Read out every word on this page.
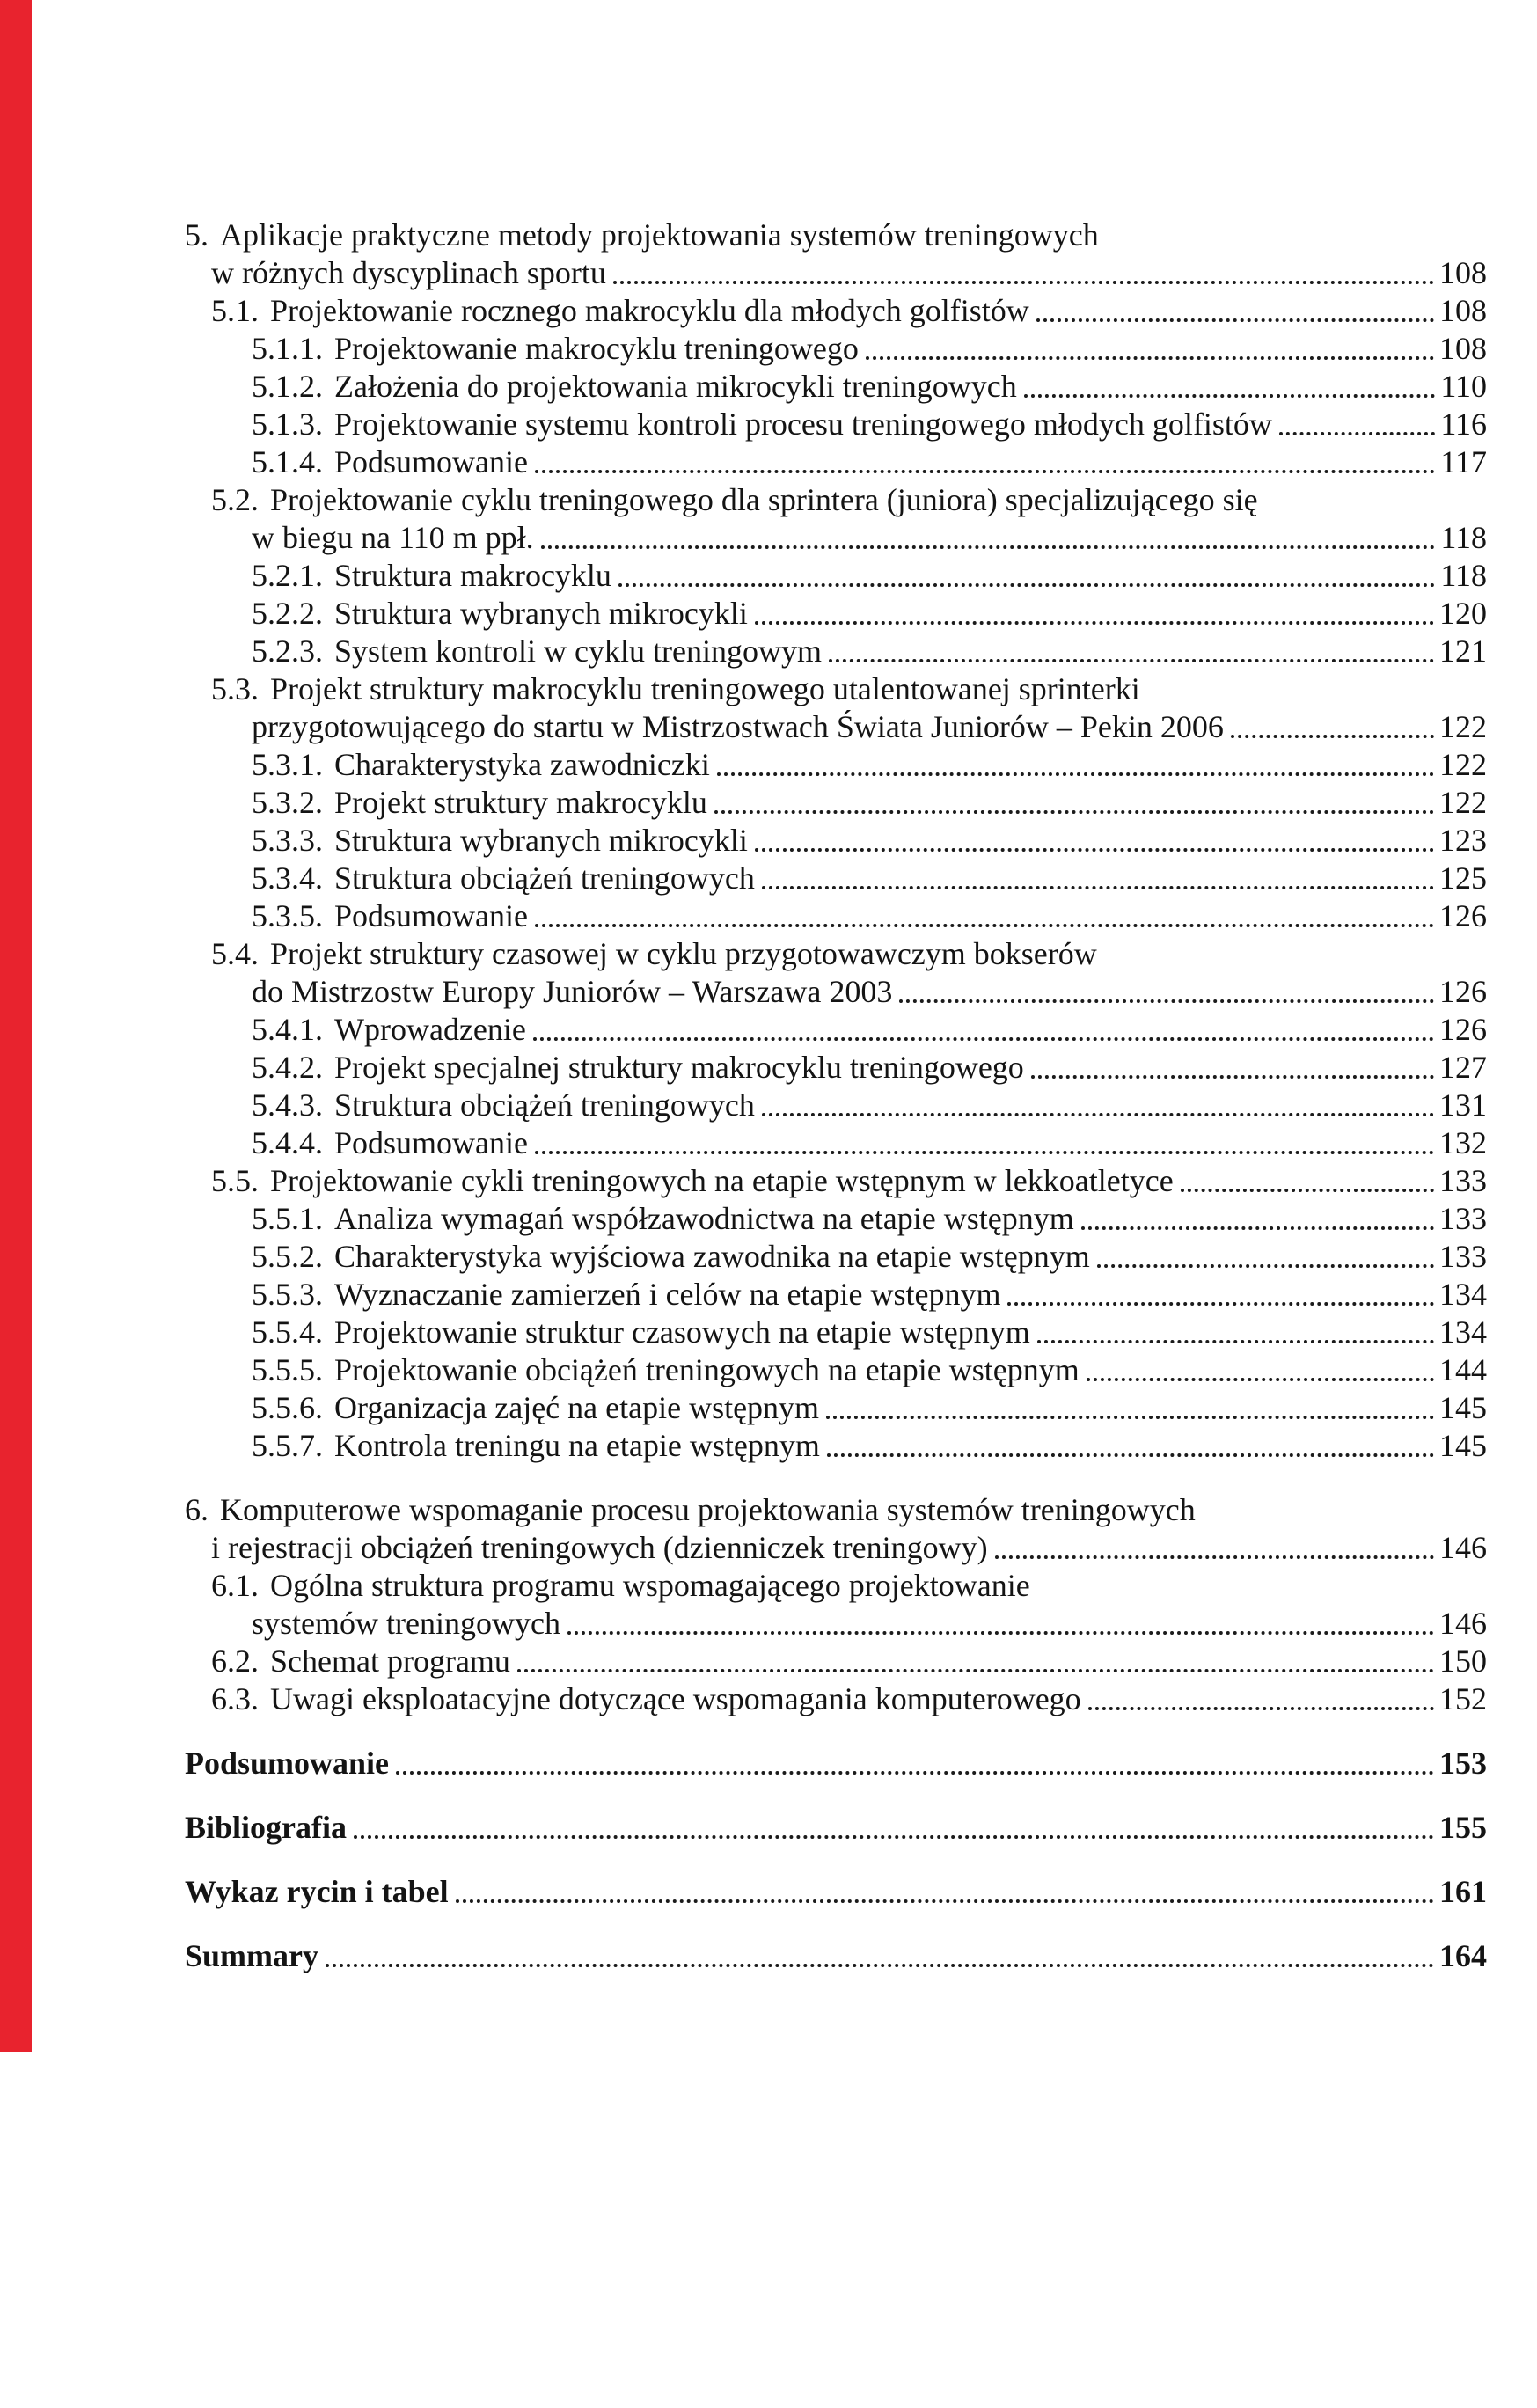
5. Aplikacje praktyczne metody projektowania systemów treningowych
w różnych dyscyplinach sportu	108
5.1. Projektowanie rocznego makrocyklu dla młodych golfistów	108
5.1.1. Projektowanie makrocyklu treningowego	108
5.1.2. Założenia do projektowania mikrocykli treningowych	110
5.1.3. Projektowanie systemu kontroli procesu treningowego młodych golfistów	116
5.1.4. Podsumowanie	117
5.2. Projektowanie cyklu treningowego dla sprintera (juniora) specjalizującego się
w biegu na 110 m ppł.	118
5.2.1. Struktura makrocyklu	118
5.2.2. Struktura wybranych mikrocykli	120
5.2.3. System kontroli w cyklu treningowym	121
5.3. Projekt struktury makrocyklu treningowego utalentowanej sprinterki
przygotowującego do startu w Mistrzostwach Świata Juniorów – Pekin 2006	122
5.3.1. Charakterystyka zawodniczki	122
5.3.2. Projekt struktury makrocyklu	122
5.3.3. Struktura wybranych mikrocykli	123
5.3.4. Struktura obciążeń treningowych	125
5.3.5. Podsumowanie	126
5.4. Projekt struktury czasowej w cyklu przygotowawczym bokserów
do Mistrzostw Europy Juniorów – Warszawa 2003	126
5.4.1. Wprowadzenie	126
5.4.2. Projekt specjalnej struktury makrocyklu treningowego	127
5.4.3. Struktura obciążeń treningowych	131
5.4.4. Podsumowanie	132
5.5. Projektowanie cykli treningowych na etapie wstępnym w lekkoatletyce	133
5.5.1. Analiza wymagań współzawodnictwa na etapie wstępnym	133
5.5.2. Charakterystyka wyjściowa zawodnika na etapie wstępnym	133
5.5.3. Wyznaczanie zamierzeń i celów na etapie wstępnym	134
5.5.4. Projektowanie struktur czasowych na etapie wstępnym	134
5.5.5. Projektowanie obciążeń treningowych na etapie wstępnym	144
5.5.6. Organizacja zajęć na etapie wstępnym	145
5.5.7. Kontrola treningu na etapie wstępnym	145
6. Komputerowe wspomaganie procesu projektowania systemów treningowych
i rejestracji obciążeń treningowych (dzienniczek treningowy)	146
6.1. Ogólna struktura programu wspomagającego projektowanie
systemów treningowych	146
6.2. Schemat programu	150
6.3. Uwagi eksploatacyjne dotyczące wspomagania komputerowego	152
Podsumowanie	153
Bibliografia	155
Wykaz rycin i tabel	161
Summary	164
